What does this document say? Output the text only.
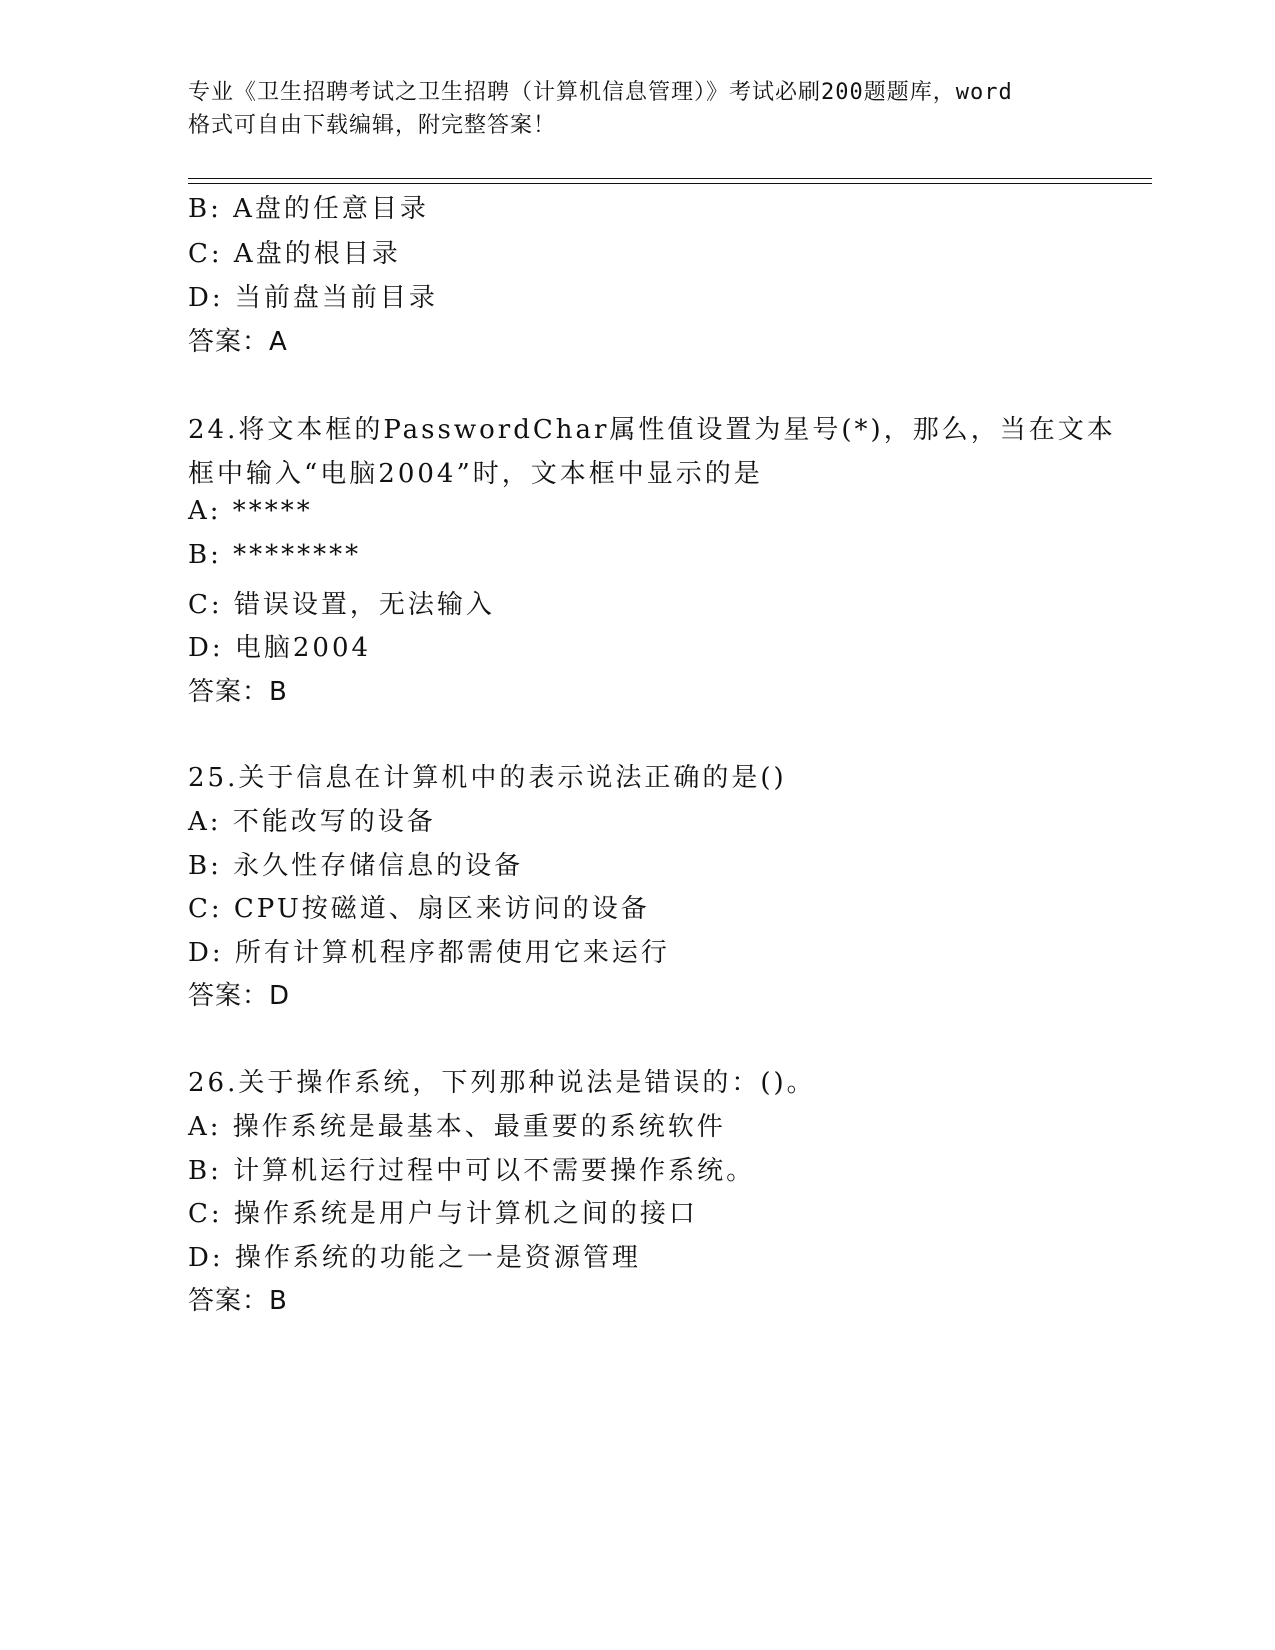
专业《卫生招聘考试之卫生招聘（计算机信息管理）》考试必刷200题题库，word
格式可自由下载编辑，附完整答案！
B: A盘的任意目录
C: A盘的根目录
D: 当前盘当前目录
答案：A
24.将文本框的PasswordChar属性值设置为星号(*)，那么，当在文本
框中输入“电脑2004”时，文本框中显示的是
A: *****
B: ********
C: 错误设置，无法输入
D: 电脑2004
答案：B
25.关于信息在计算机中的表示说法正确的是()
A: 不能改写的设备
B: 永久性存储信息的设备
C: CPU按磁道、扇区来访问的设备
D: 所有计算机程序都需使用它来运行
答案：D
26.关于操作系统，下列那种说法是错误的：()。
A: 操作系统是最基本、最重要的系统软件
B: 计算机运行过程中可以不需要操作系统。
C: 操作系统是用户与计算机之间的接口
D: 操作系统的功能之一是资源管理
答案：B
